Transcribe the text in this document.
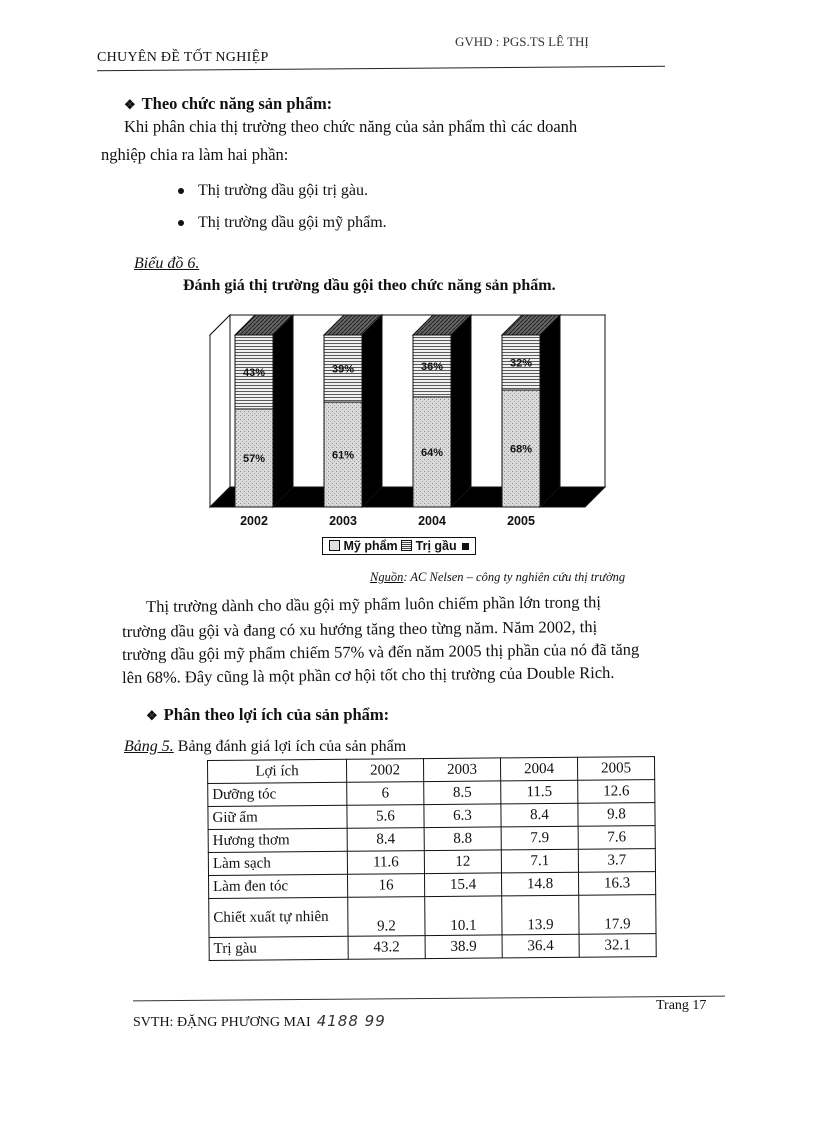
CHUYÊN ĐỀ TỐT NGHIỆP
GVHD : PGS.TS LÊ THỊ
❖ Theo chức năng sản phẩm:
Khi phân chia thị trường theo chức năng của sản phẩm thì các doanh
nghiệp chia ra làm hai phần:
Thị trường dầu gội trị gàu.
Thị trường dầu gội mỹ phẩm.
Biểu đồ 6.
Đánh giá thị trường dầu gội theo chức năng sản phẩm.
57%
43%
61%
39%
64%
36%
68%
32%
2002	2003	2004	2005
Mỹ phẩm Trị gầu
Nguồn: AC Nelsen – công ty nghiên cứu thị trường
Thị trường dành cho dầu gội mỹ phẩm luôn chiếm phần lớn trong thị
trường dầu gội và đang có xu hướng tăng theo từng năm. Năm 2002, thị
trường dầu gội mỹ phẩm chiếm 57% và đến năm 2005 thị phần của nó đã tăng
lên 68%. Đây cũng là một phần cơ hội tốt cho thị trường của Double Rich.
❖ Phân theo lợi ích của sản phẩm:
Bảng 5. Bảng đánh giá lợi ích của sản phẩm
Lợi ích	2002	2003	2004	2005
Dưỡng tóc	6	8.5	11.5	12.6
Giữ ẩm	5.6	6.3	8.4	9.8
Hương thơm	8.4	8.8	7.9	7.6
Làm sạch	11.6	12	7.1	3.7
Làm đen tóc	16	15.4	14.8	16.3
Chiết xuất tự nhiên	9.2	10.1	13.9	17.9
Trị gàu	43.2	38.9	36.4	32.1
SVTH: ĐẶNG PHƯƠNG MAI 4188 99
Trang 17
